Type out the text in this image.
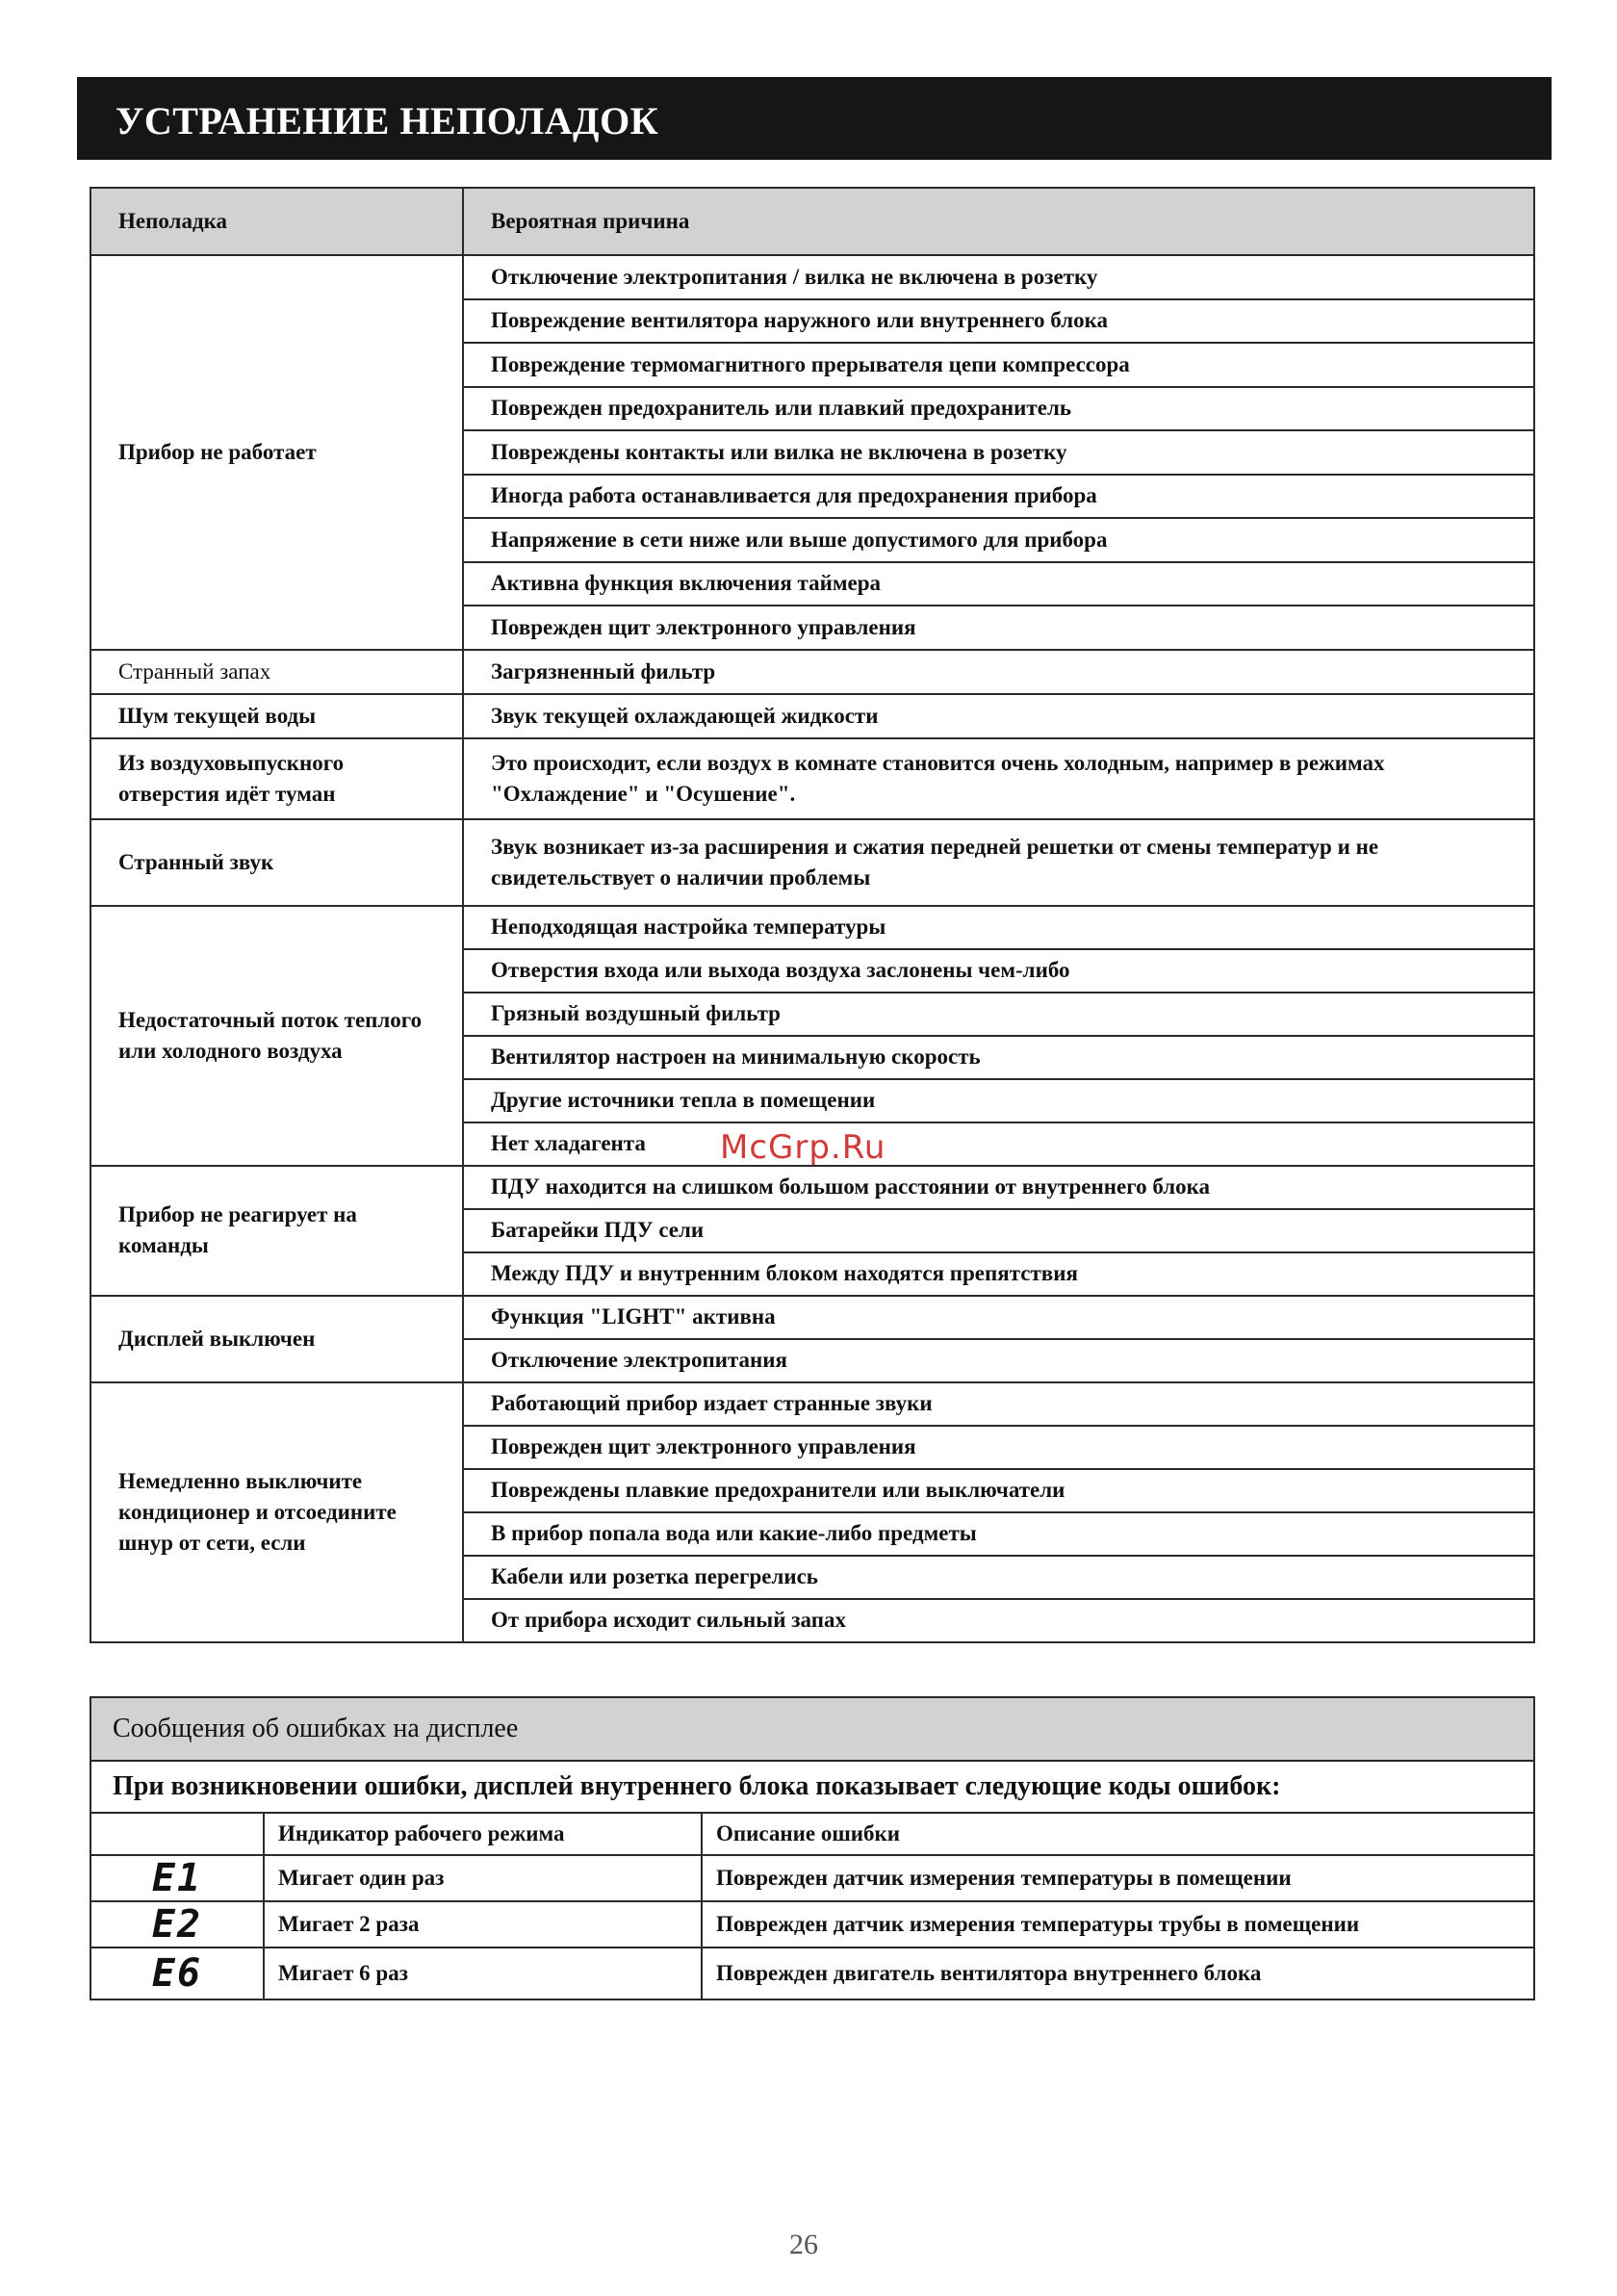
УСТРАНЕНИЕ НЕПОЛАДОК
Неполадка	Вероятная причина
Прибор не работает	Отключение электропитания / вилка не включена в розетку
	Повреждение вентилятора наружного или внутреннего блока
	Повреждение термомагнитного прерывателя цепи компрессора
	Поврежден предохранитель или плавкий предохранитель
	Повреждены контакты или вилка не включена в розетку
	Иногда работа останавливается для предохранения прибора
	Напряжение в сети ниже или выше допустимого для прибора
	Активна функция включения таймера
	Поврежден щит электронного управления
Странный запах	Загрязненный фильтр
Шум текущей воды	Звук текущей охлаждающей жидкости
Из воздуховыпускного отверстия идёт туман	Это происходит, если воздух в комнате становится очень холодным, например в режимах "Охлаждение" и "Осушение".
Странный звук	Звук возникает из-за расширения и сжатия передней решетки от смены температур и не свидетельствует о наличии проблемы
Недостаточный поток теплого или холодного воздуха	Неподходящая настройка температуры
	Отверстия входа или выхода воздуха заслонены чем-либо
	Грязный воздушный фильтр
	Вентилятор настроен на минимальную скорость
	Другие источники тепла в помещении
	Нет хладагента
Прибор не реагирует на команды	ПДУ находится на слишком большом расстоянии от внутреннего блока
	Батарейки ПДУ сели
	Между ПДУ и внутренним блоком находятся препятствия
Дисплей выключен	Функция "LIGHT" активна
	Отключение электропитания
Немедленно выключите кондиционер и отсоедините шнур от сети, если	Работающий прибор издает странные звуки
	Поврежден щит электронного управления
	Повреждены плавкие предохранители или выключатели
	В прибор попала вода или какие-либо предметы
	Кабели или розетка перегрелись
	От прибора исходит сильный запах
Сообщения об ошибках на дисплее		
При возникновении ошибки, дисплей внутреннего блока показывает следующие коды ошибок:		
	Индикатор рабочего режима	Описание ошибки
E1	Мигает один раз	Поврежден датчик измерения температуры в помещении
E2	Мигает 2 раза	Поврежден датчик измерения температуры трубы в помещении
E6	Мигает 6 раз	Поврежден двигатель вентилятора внутреннего блока
McGrp.Ru
26
